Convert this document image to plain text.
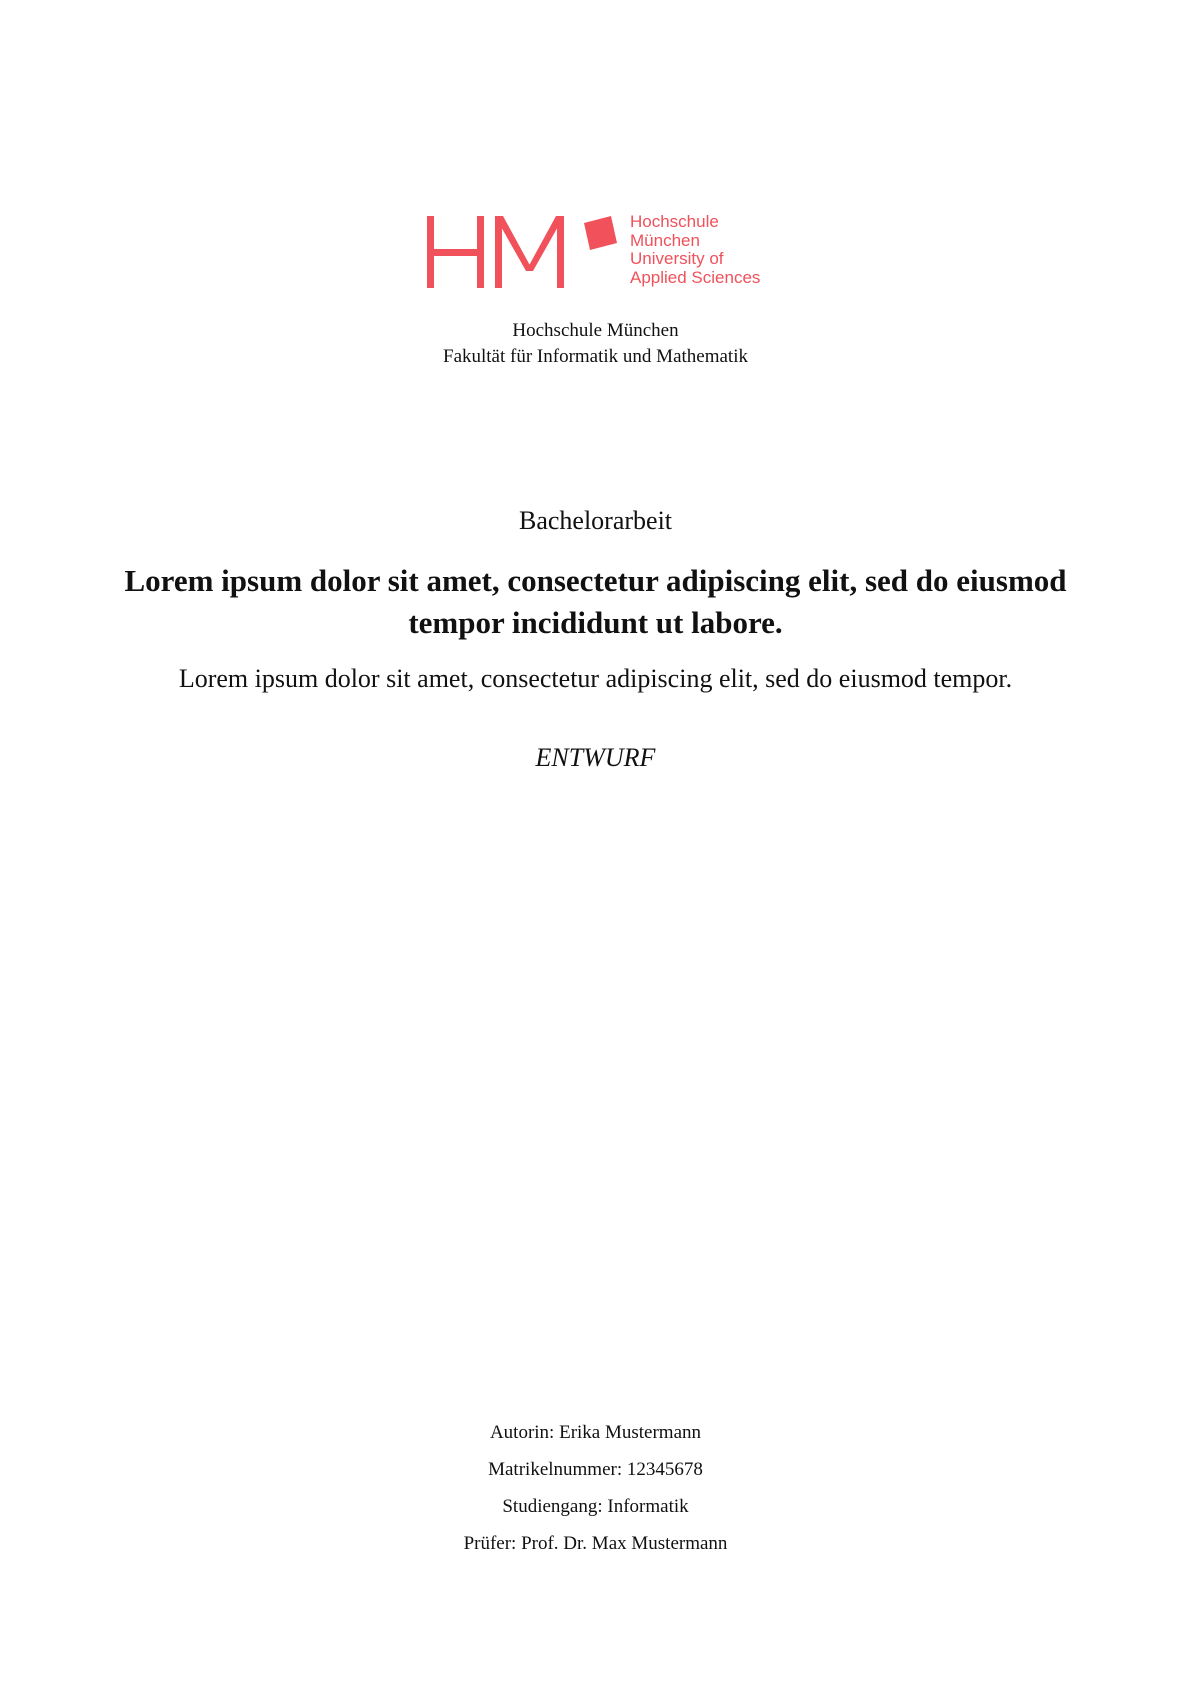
Hochschule
München
University of
Applied Sciences
Hochschule München
Fakultät für Informatik und Mathematik
Bachelorarbeit
Lorem ipsum dolor sit amet, consectetur adipiscing elit, sed do eiusmod tempor incididunt ut labore.
Lorem ipsum dolor sit amet, consectetur adipiscing elit, sed do eiusmod tempor.
ENTWURF
Autorin: Erika Mustermann
Matrikelnummer: 12345678
Studiengang: Informatik
Prüfer: Prof. Dr. Max Mustermann
